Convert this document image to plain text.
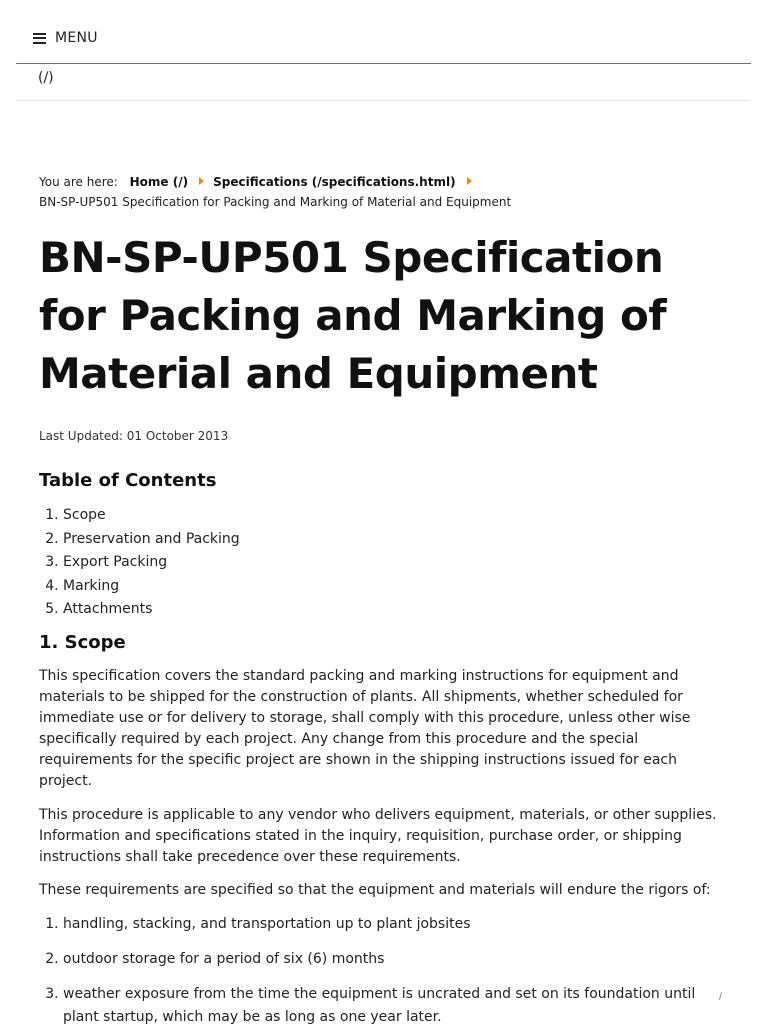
MENU
(/)
You are here: Home (/) Specifications (/specifications.html)
BN-SP-UP501 Specification for Packing and Marking of Material and Equipment
BN-SP-UP501 Specification for Packing and Marking of Material and Equipment
Last Updated: 01 October 2013
Table of Contents
1. Scope
2. Preservation and Packing
3. Export Packing
4. Marking
5. Attachments
1. Scope

This specification covers the standard packing and marking instructions for equipment and materials to be shipped for the construction of plants. All shipments, whether scheduled for immediate use or for delivery to storage, shall comply with this procedure, unless other wise specifically required by each project. Any change from this procedure and the special requirements for the specific project are shown in the shipping instructions issued for each project.

This procedure is applicable to any vendor who delivers equipment, materials, or other supplies. Information and specifications stated in the inquiry, requisition, purchase order, or shipping instructions shall take precedence over these requirements.

These requirements are specified so that the equipment and materials will endure the rigors of:

1. handling, stacking, and transportation up to plant jobsites
2. outdoor storage for a period of six (6) months
3. weather exposure from the time the equipment is uncrated and set on its foundation until plant startup, which may be as long as one year later.
/
